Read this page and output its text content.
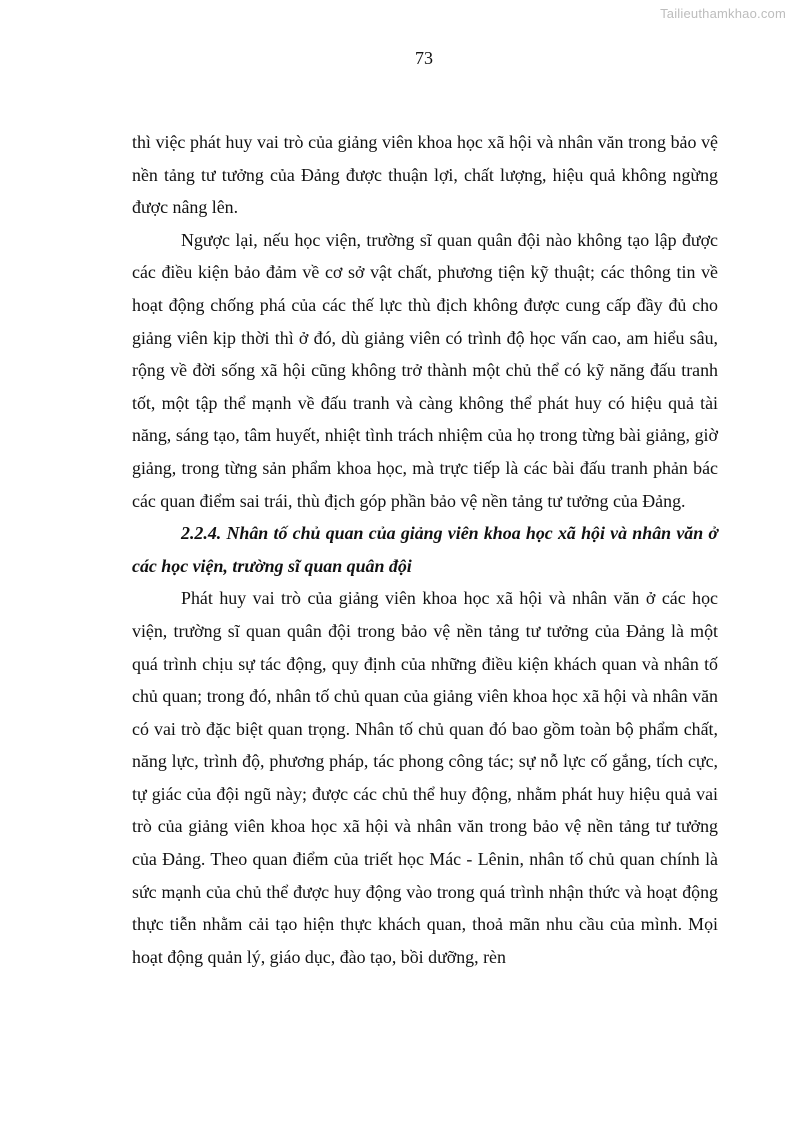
Tailieuthamkhao.com
73

thì việc phát huy vai trò của giảng viên khoa học xã hội và nhân văn trong bảo vệ nền tảng tư tưởng của Đảng được thuận lợi, chất lượng, hiệu quả không ngừng được nâng lên.

Ngược lại, nếu học viện, trường sĩ quan quân đội nào không tạo lập được các điều kiện bảo đảm về cơ sở vật chất, phương tiện kỹ thuật; các thông tin về hoạt động chống phá của các thế lực thù địch không được cung cấp đầy đủ cho giảng viên kịp thời thì ở đó, dù giảng viên có trình độ học vấn cao, am hiểu sâu, rộng về đời sống xã hội cũng không trở thành một chủ thể có kỹ năng đấu tranh tốt, một tập thể mạnh về đấu tranh và càng không thể phát huy có hiệu quả tài năng, sáng tạo, tâm huyết, nhiệt tình trách nhiệm của họ trong từng bài giảng, giờ giảng, trong từng sản phẩm khoa học, mà trực tiếp là các bài đấu tranh phản bác các quan điểm sai trái, thù địch góp phần bảo vệ nền tảng tư tưởng của Đảng.

2.2.4. Nhân tố chủ quan của giảng viên khoa học xã hội và nhân văn ở các học viện, trường sĩ quan quân đội

Phát huy vai trò của giảng viên khoa học xã hội và nhân văn ở các học viện, trường sĩ quan quân đội trong bảo vệ nền tảng tư tưởng của Đảng là một quá trình chịu sự tác động, quy định của những điều kiện khách quan và nhân tố chủ quan; trong đó, nhân tố chủ quan của giảng viên khoa học xã hội và nhân văn có vai trò đặc biệt quan trọng. Nhân tố chủ quan đó bao gồm toàn bộ phẩm chất, năng lực, trình độ, phương pháp, tác phong công tác; sự nỗ lực cố gắng, tích cực, tự giác của đội ngũ này; được các chủ thể huy động, nhằm phát huy hiệu quả vai trò của giảng viên khoa học xã hội và nhân văn trong bảo vệ nền tảng tư tưởng của Đảng. Theo quan điểm của triết học Mác - Lênin, nhân tố chủ quan chính là sức mạnh của chủ thể được huy động vào trong quá trình nhận thức và hoạt động thực tiễn nhằm cải tạo hiện thực khách quan, thoả mãn nhu cầu của mình. Mọi hoạt động quản lý, giáo dục, đào tạo, bồi dưỡng, rèn
